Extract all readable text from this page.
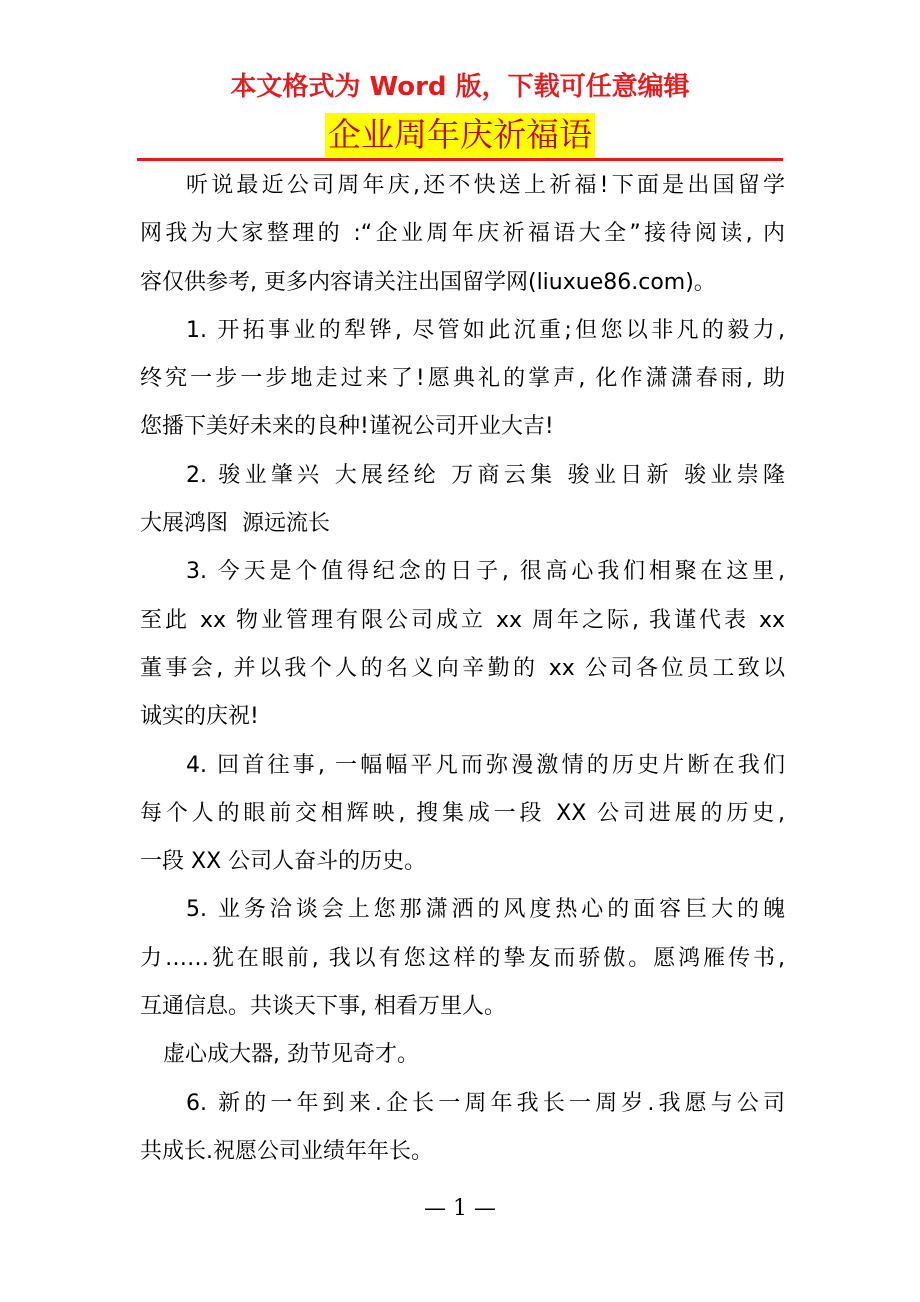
本文格式为 Word 版，下载可任意编辑
企业周年庆祈福语
听说最近公司周年庆,还不快送上祈福!下面是出国留学
网我为大家整理的 :“企业周年庆祈福语大全”接待阅读, 内
容仅供参考, 更多内容请关注出国留学网(liuxue86.com)。
1. 开拓事业的犁铧, 尽管如此沉重;但您以非凡的毅力,
终究一步一步地走过来了!愿典礼的掌声, 化作潇潇春雨, 助
您播下美好未来的良种!谨祝公司开业大吉!
2. 骏业肇兴 大展经纶 万商云集 骏业日新 骏业崇隆
大展鸿图  源远流长
3. 今天是个值得纪念的日子, 很高心我们相聚在这里,
至此 xx 物业管理有限公司成立 xx 周年之际, 我谨代表 xx
董事会, 并以我个人的名义向辛勤的 xx 公司各位员工致以
诚实的庆祝!
4. 回首往事, 一幅幅平凡而弥漫激情的历史片断在我们
每个人的眼前交相辉映, 搜集成一段 XX 公司进展的历史,
一段 XX 公司人奋斗的历史。
5. 业务洽谈会上您那潇洒的风度热心的面容巨大的魄
力……犹在眼前, 我以有您这样的挚友而骄傲。愿鸿雁传书,
互通信息。共谈天下事, 相看万里人。
虚心成大器, 劲节见奇才。
6. 新的一年到来.企长一周年我长一周岁.我愿与公司
共成长.祝愿公司业绩年年长。
— 1 —
